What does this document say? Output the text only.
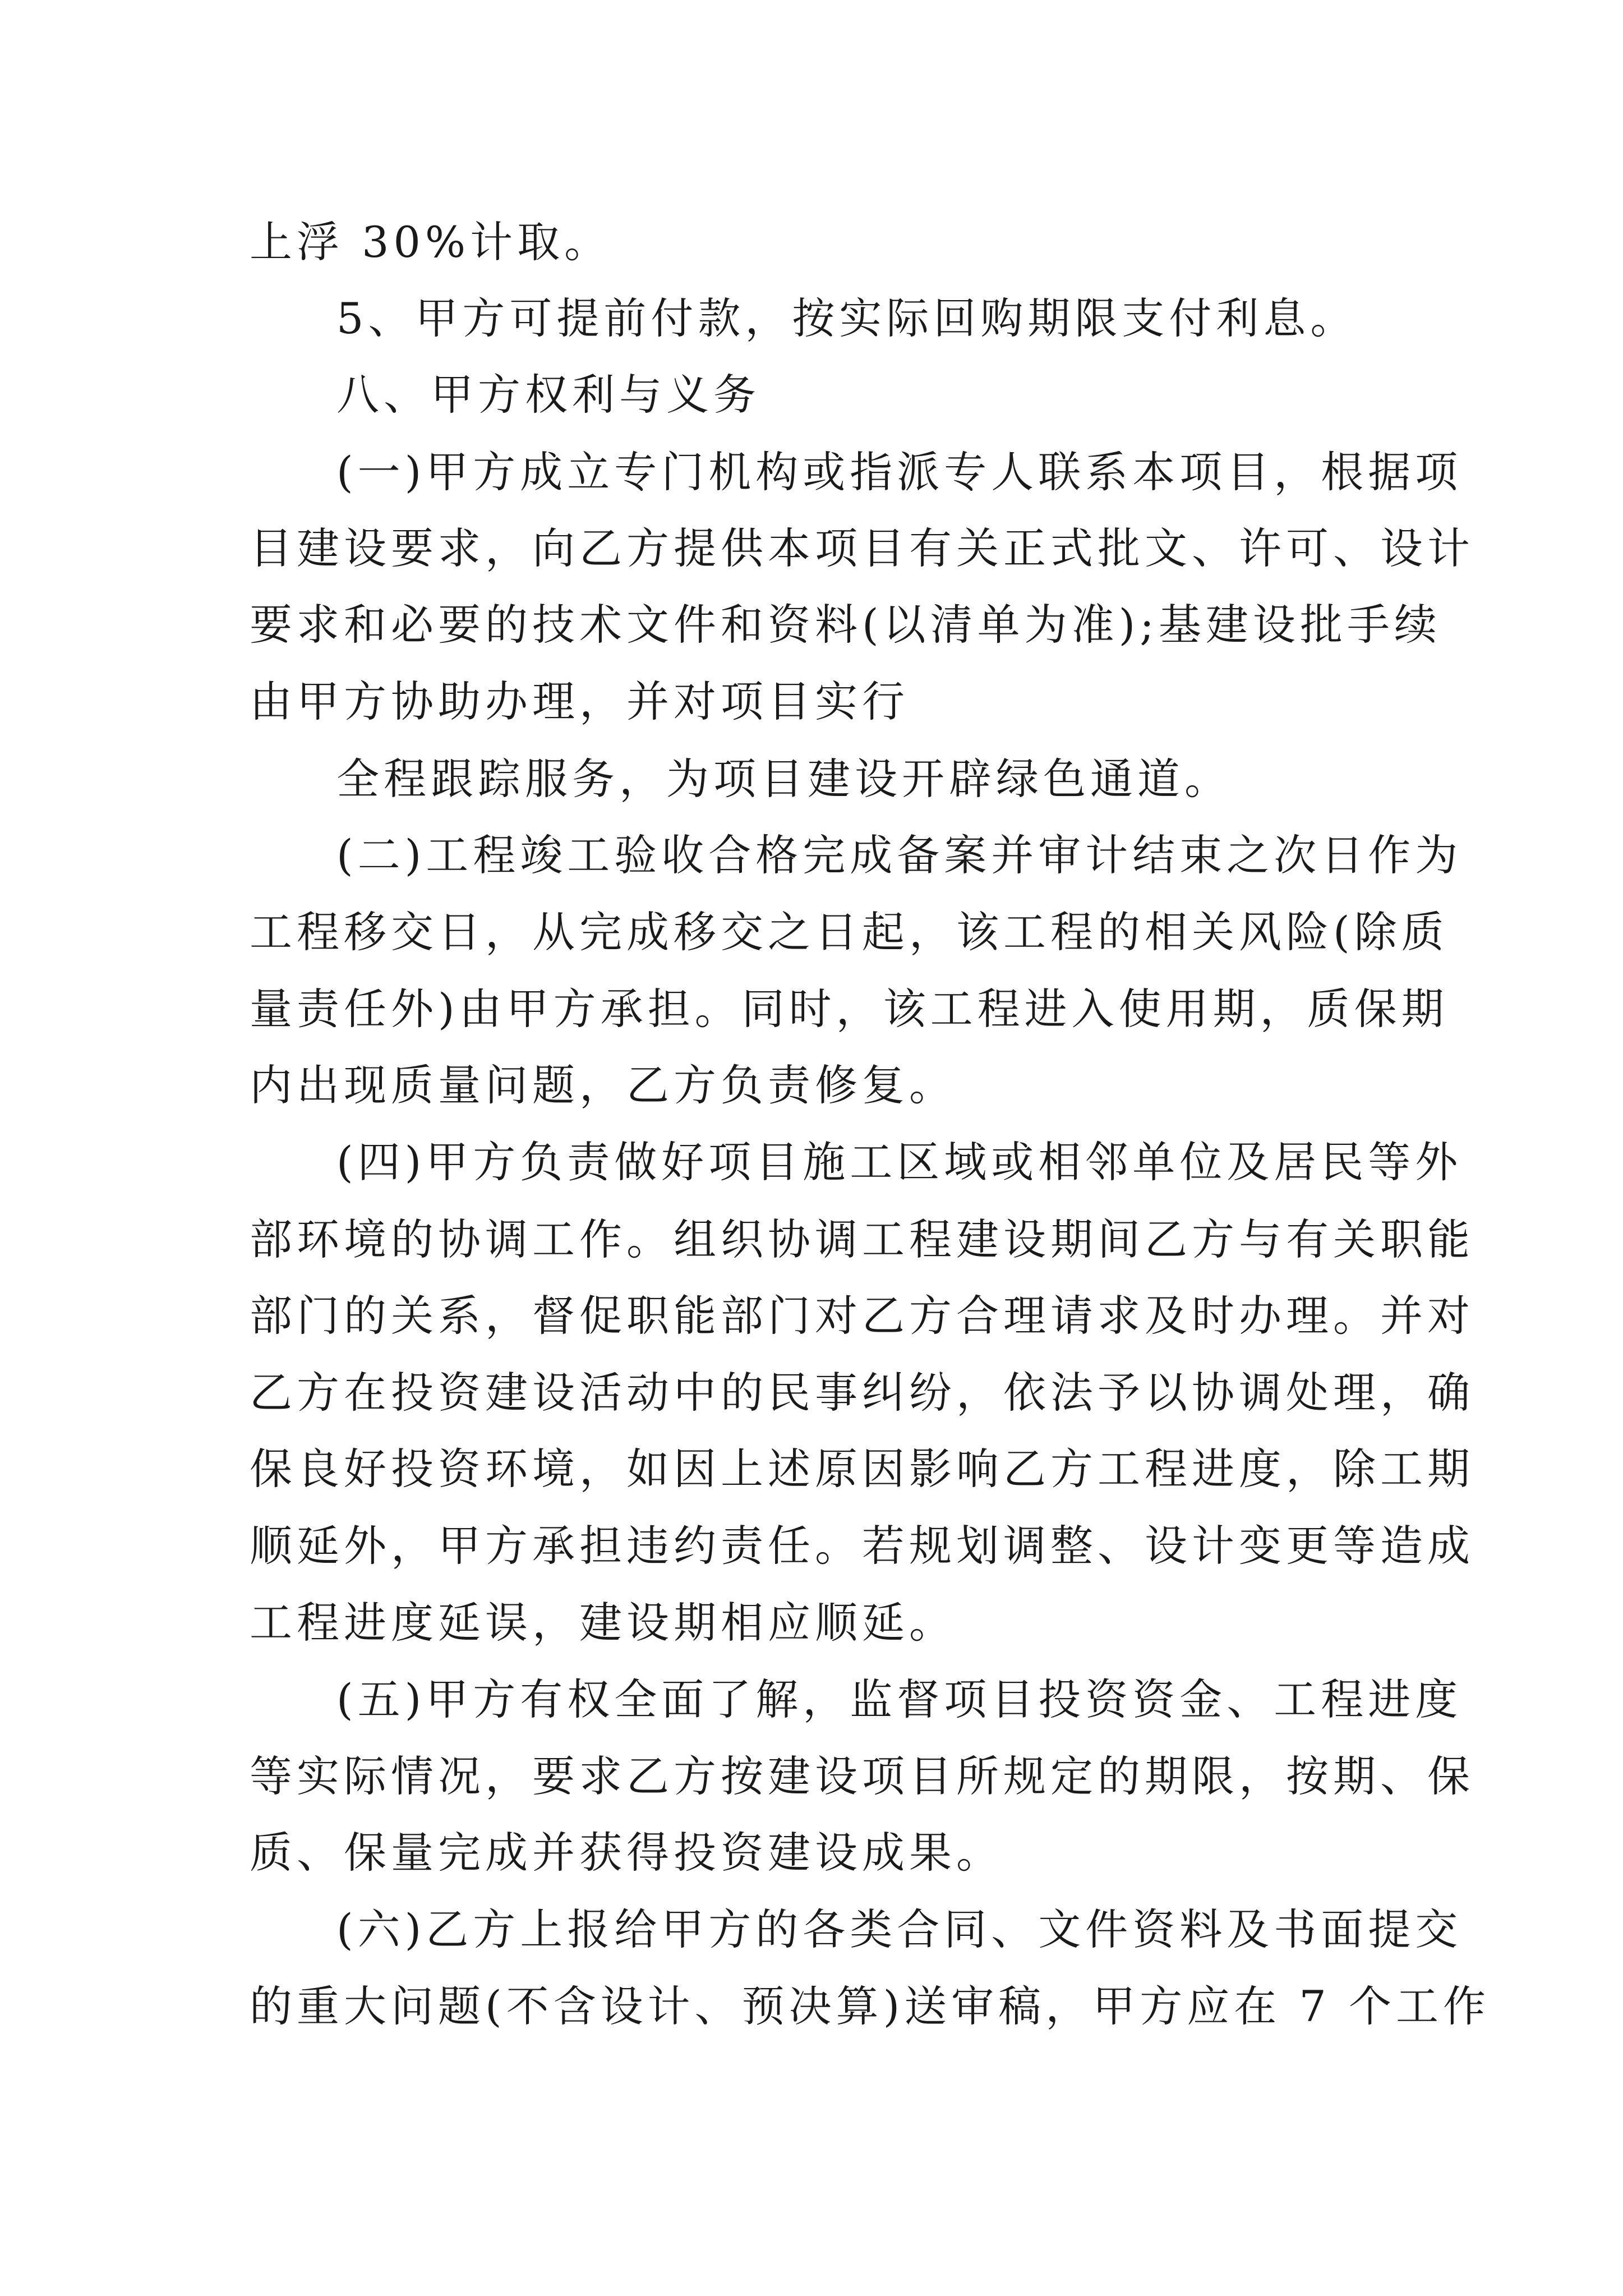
上浮 30%计取。

5、甲方可提前付款，按实际回购期限支付利息。

八、甲方权利与义务

(一)甲方成立专门机构或指派专人联系本项目，根据项

目建设要求，向乙方提供本项目有关正式批文、许可、设计

要求和必要的技术文件和资料(以清单为准);基建设批手续

由甲方协助办理，并对项目实行

全程跟踪服务，为项目建设开辟绿色通道。

(二)工程竣工验收合格完成备案并审计结束之次日作为

工程移交日，从完成移交之日起，该工程的相关风险(除质

量责任外)由甲方承担。同时，该工程进入使用期，质保期

内出现质量问题，乙方负责修复。

(四)甲方负责做好项目施工区域或相邻单位及居民等外

部环境的协调工作。组织协调工程建设期间乙方与有关职能

部门的关系，督促职能部门对乙方合理请求及时办理。并对

乙方在投资建设活动中的民事纠纷，依法予以协调处理，确

保良好投资环境，如因上述原因影响乙方工程进度，除工期

顺延外，甲方承担违约责任。若规划调整、设计变更等造成

工程进度延误，建设期相应顺延。

(五)甲方有权全面了解，监督项目投资资金、工程进度

等实际情况，要求乙方按建设项目所规定的期限，按期、保

质、保量完成并获得投资建设成果。

(六)乙方上报给甲方的各类合同、文件资料及书面提交

的重大问题(不含设计、预决算)送审稿，甲方应在 7 个工作
